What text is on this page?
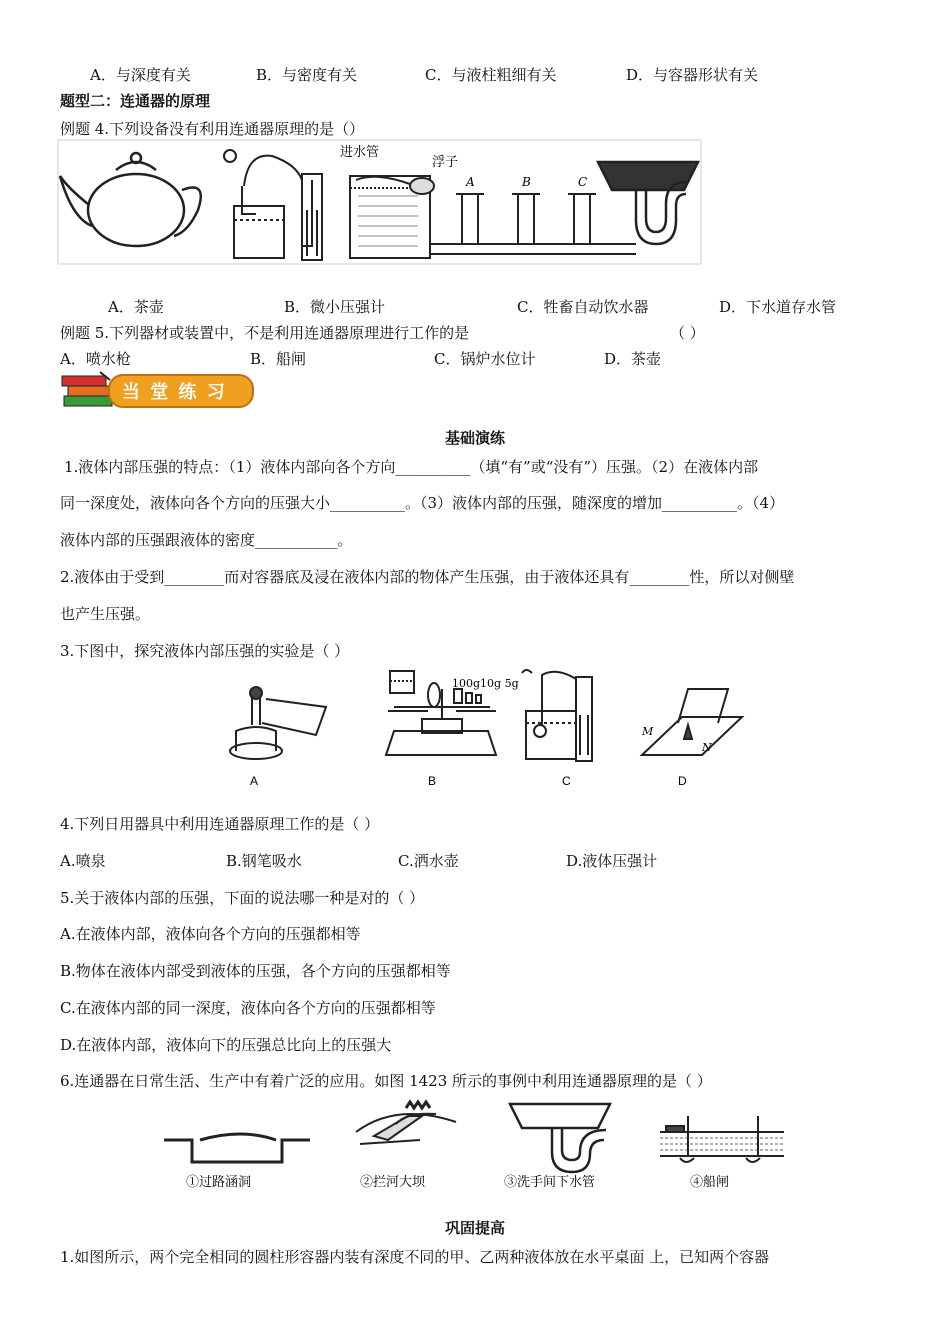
A．与深度有关	B．与密度有关	C．与液柱粗细有关	D．与容器形状有关
题型二：连通器的原理
例题 4.下列设备没有利用连通器原理的是（）
进水管
浮子
A	B	C
A．茶壶	B．微小压强计	C．牲畜自动饮水器	D．下水道存水管
例题 5.下列器材或装置中，不是利用连通器原理进行工作的是	（ ）
A．喷水枪	B．船闸	C．锅炉水位计	D．茶壶
当 堂 练 习
基础演练
1.液体内部压强的特点：（1）液体内部向各个方向__________（填“有”或“没有”）压强。（2）在液体内部
同一深度处，液体向各个方向的压强大小__________。（3）液体内部的压强，随深度的增加__________。（4）
液体内部的压强跟液体的密度___________。
2.液体由于受到________而对容器底及浸在液体内部的物体产生压强，由于液体还具有________性，所以对侧壁
也产生压强。
3.下图中，探究液体内部压强的实验是（ ）
100g10g 5g
M
N
A	B	C	D
4.下列日用器具中利用连通器原理工作的是（ ）
A.喷泉	B.钢笔吸水	C.洒水壶	D.液体压强计
5.关于液体内部的压强，下面的说法哪一种是对的（ ）
A.在液体内部，液体向各个方向的压强都相等
B.物体在液体内部受到液体的压强，各个方向的压强都相等
C.在液体内部的同一深度，液体向各个方向的压强都相等
D.在液体内部，液体向下的压强总比向上的压强大
6.连通器在日常生活、生产中有着广泛的应用。如图 1423 所示的事例中利用连通器原理的是（ ）
①过路涵洞	②拦河大坝	③洗手间下水管	④船闸
巩固提高
1.如图所示，两个完全相同的圆柱形容器内装有深度不同的甲、乙两种液体放在水平桌面 上，已知两个容器
